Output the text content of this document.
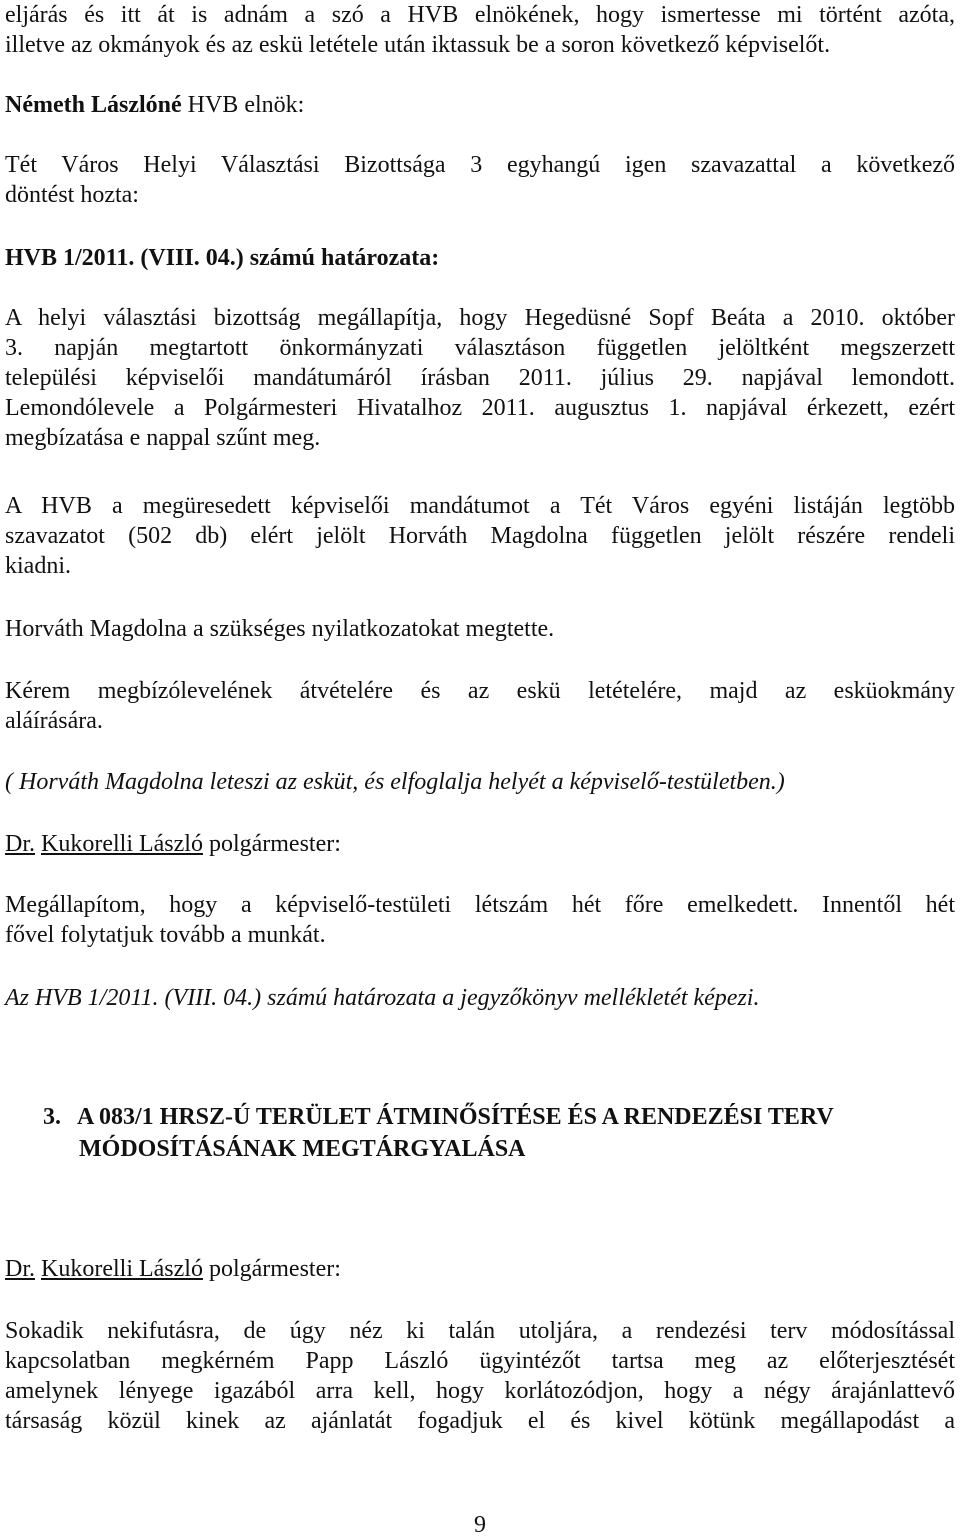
eljárás és itt át is adnám a szó a HVB elnökének, hogy ismertesse mi történt azóta,
illetve az okmányok és az eskü letétele után iktassuk be a soron következő képviselőt.
Németh Lászlóné HVB elnök:
Tét Város Helyi Választási Bizottsága 3 egyhangú igen szavazattal a következő
döntést hozta:
HVB 1/2011. (VIII. 04.) számú határozata:
A helyi választási bizottság megállapítja, hogy Hegedüsné Sopf Beáta a 2010. október
3. napján megtartott önkormányzati választáson független jelöltként megszerzett
települési képviselői mandátumáról írásban 2011. július 29. napjával lemondott.
Lemondólevele a Polgármesteri Hivatalhoz 2011. augusztus 1. napjával érkezett, ezért
megbízatása e nappal szűnt meg.
A HVB a megüresedett képviselői mandátumot a Tét Város egyéni listáján legtöbb
szavazatot (502 db) elért jelölt Horváth Magdolna független jelölt részére rendeli
kiadni.
Horváth Magdolna a szükséges nyilatkozatokat megtette.
Kérem megbízólevelének átvételére és az eskü letételére, majd az esküokmány
aláírására.
( Horváth Magdolna leteszi az esküt, és elfoglalja helyét a képviselő-testületben.)
Dr. Kukorelli László polgármester:
Megállapítom, hogy a képviselő-testületi létszám hét főre emelkedett. Innentől hét
fővel folytatjuk tovább a munkát.
Az HVB 1/2011. (VIII. 04.) számú határozata a jegyzőkönyv mellékletét képezi.
3. A 083/1 HRSZ-Ú TERÜLET ÁTMINŐSÍTÉSE ÉS A RENDEZÉSI TERV
MÓDOSÍTÁSÁNAK MEGTÁRGYALÁSA
Dr. Kukorelli László polgármester:
Sokadik nekifutásra, de úgy néz ki talán utoljára, a rendezési terv módosítással
kapcsolatban megkérném Papp László ügyintézőt tartsa meg az előterjesztését
amelynek lényege igazából arra kell, hogy korlátozódjon, hogy a négy árajánlattevő
társaság közül kinek az ajánlatát fogadjuk el és kivel kötünk megállapodást a
9
